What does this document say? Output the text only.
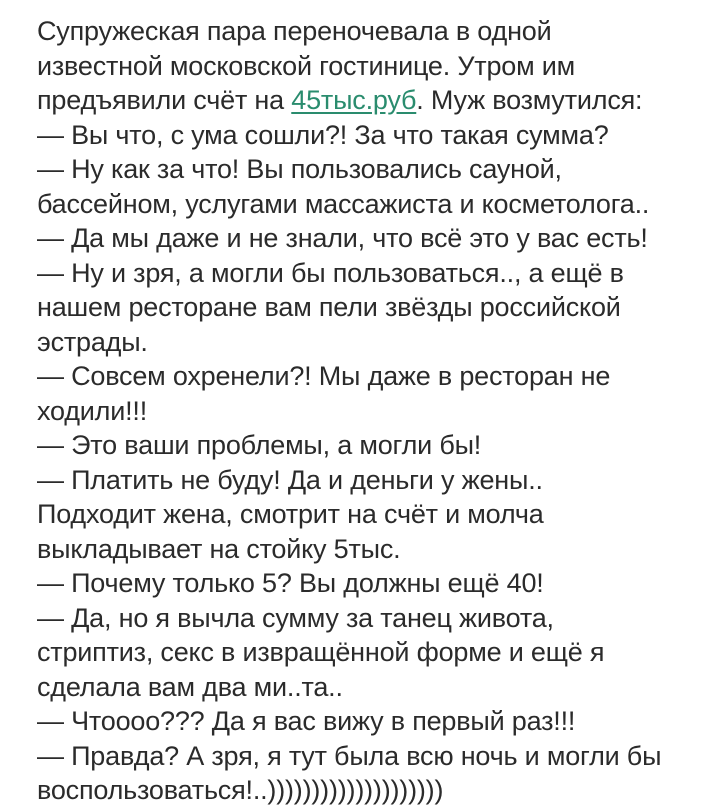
Супружеская пара переночевала в одной
известной московской гостинице. Утром им
предъявили счёт на 45тыс.руб. Муж возмутился:
— Вы что, с ума сошли?! За что такая сумма?
— Ну как за что! Вы пользовались сауной,
бассейном, услугами массажиста и косметолога..
— Да мы даже и не знали, что всё это у вас есть!
— Ну и зря, а могли бы пользоваться.., а ещё в
нашем ресторане вам пели звёзды российской
эстрады.
— Совсем охренели?! Мы даже в ресторан не
ходили!!!
— Это ваши проблемы, а могли бы!
— Платить не буду! Да и деньги у жены..
Подходит жена, смотрит на счёт и молча
выкладывает на стойку 5тыс.
— Почему только 5? Вы должны ещё 40!
— Да, но я вычла сумму за танец живота,
стриптиз, секс в извращённой форме и ещё я
сделала вам два ми..та..
— Чтоооо??? Да я вас вижу в первый раз!!!
— Правда? А зря, я тут была всю ночь и могли бы
воспользоваться!..))))))))))))))))))))
